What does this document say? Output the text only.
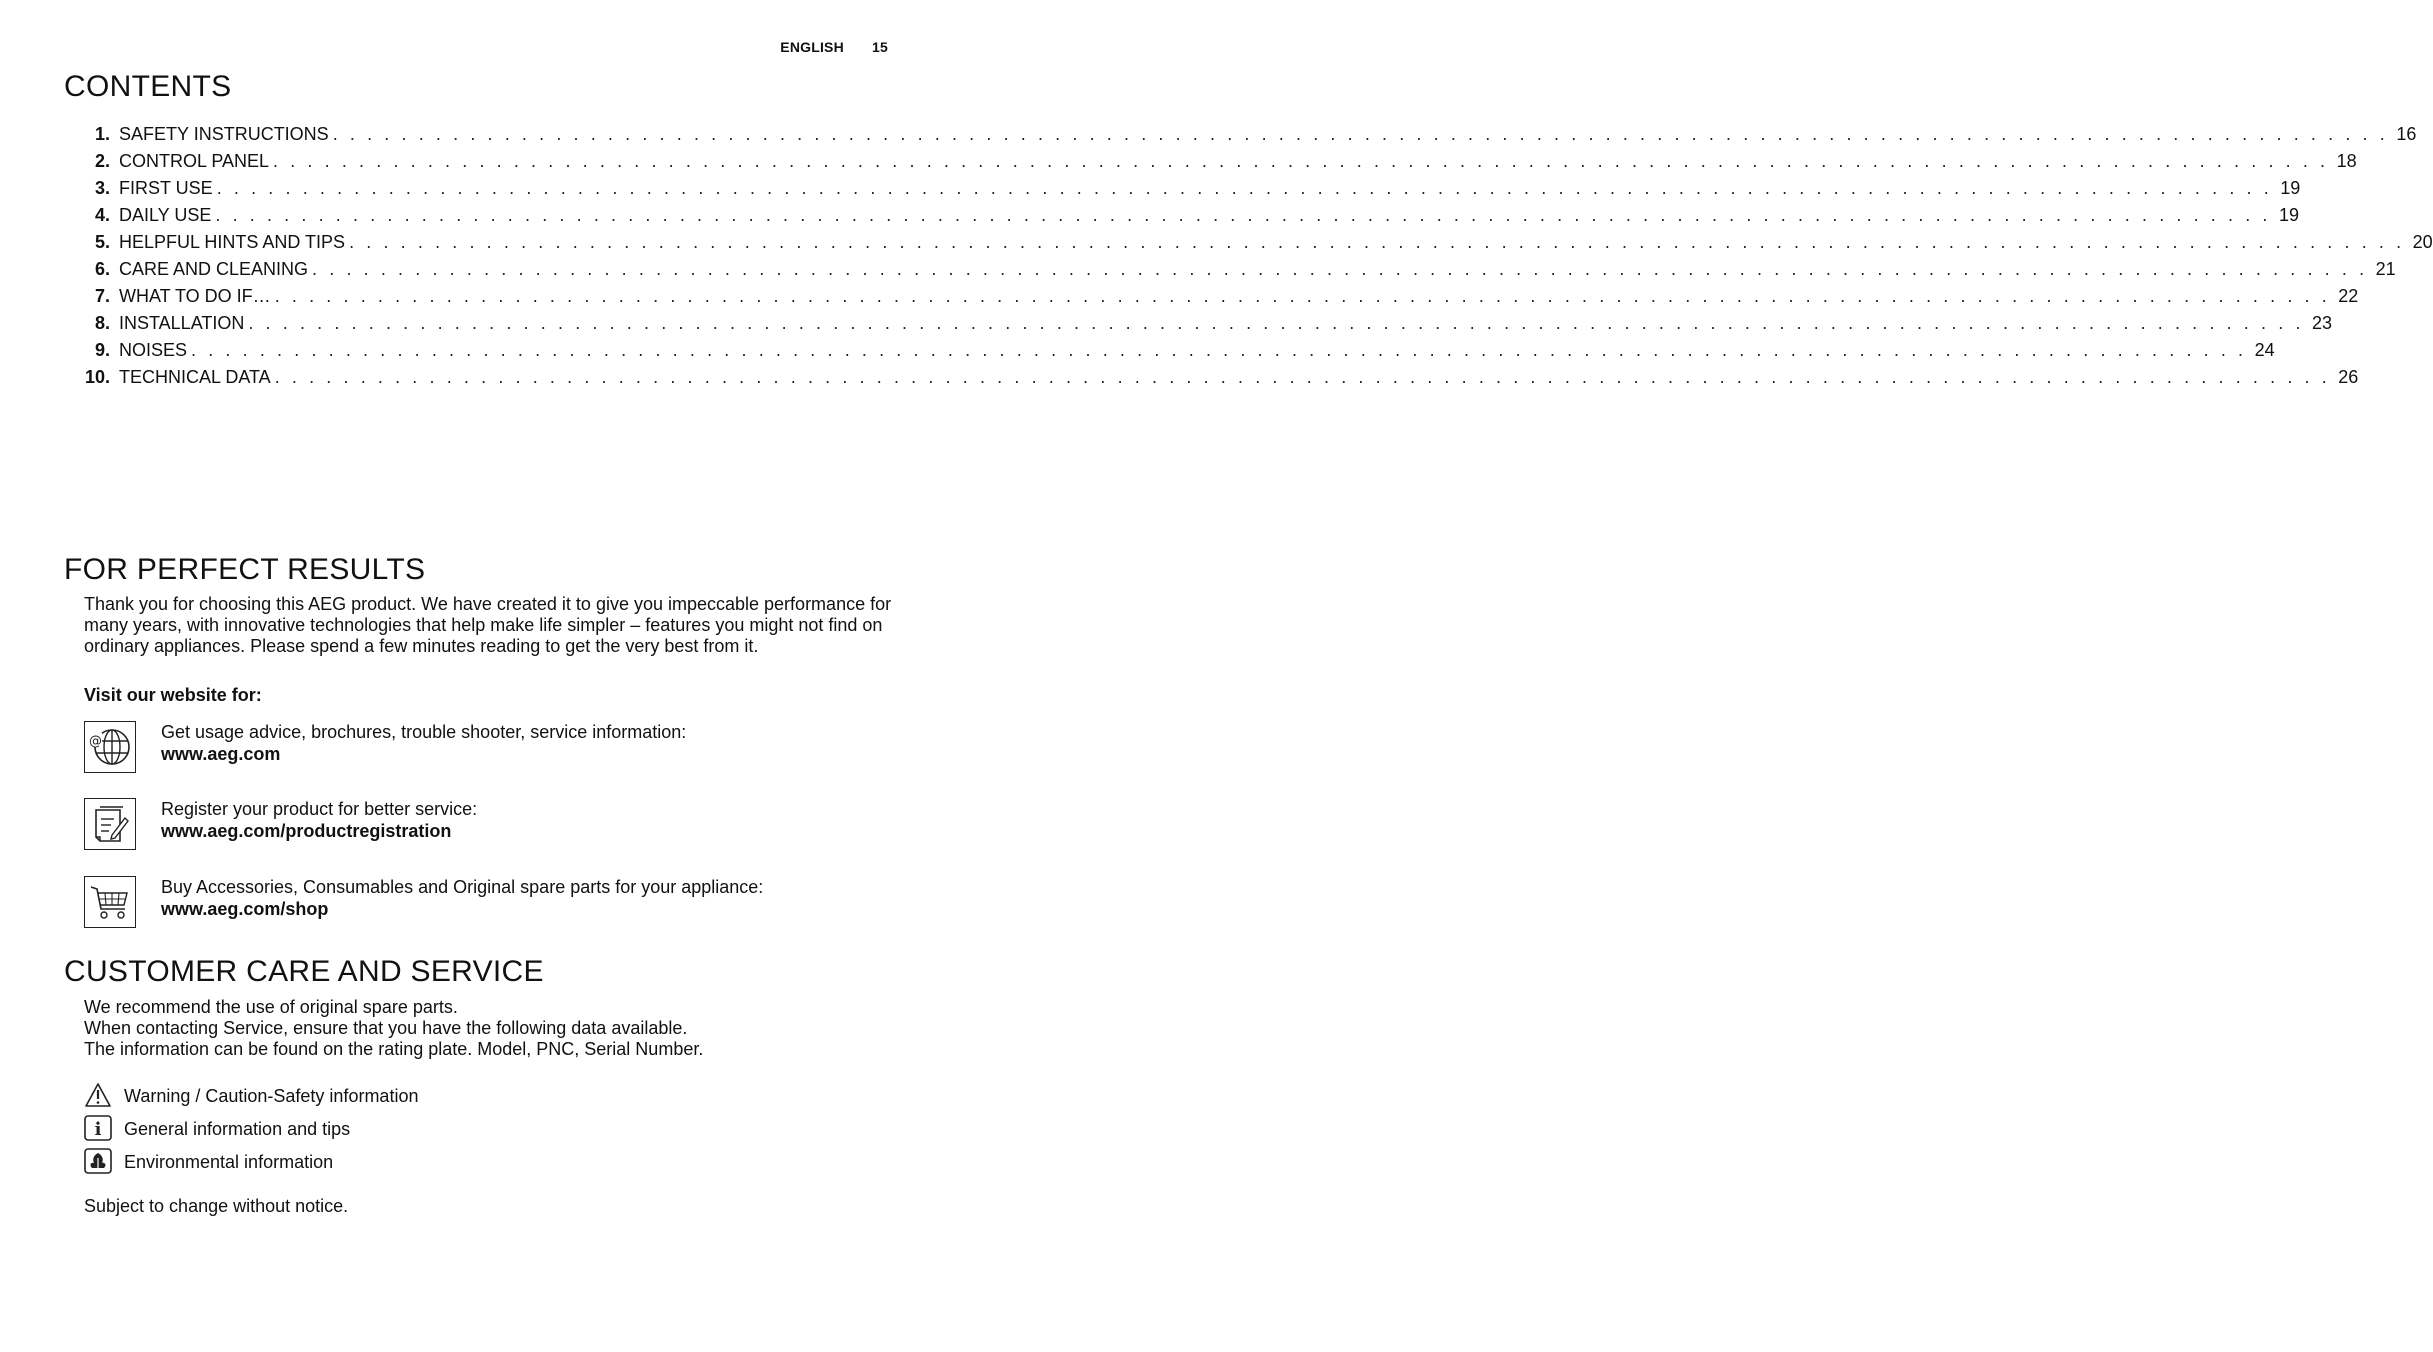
ENGLISH 15
CONTENTS
1. SAFETY INSTRUCTIONS . . . . . . . . . . . . . . . . . . . . . . . . . . . . . . . . . . . . . . . . . . . . . . . . . . . . . . . . . . . . . . . . . . . . . . . . . . . . . . . . . . . . . . . . . . . . . . . . . . . . . . . . . . . . . . . . . . . . . . . . 16
2. CONTROL PANEL . . . . . . . . . . . . . . . . . . . . . . . . . . . . . . . . . . . . . . . . . . . . . . . . . . . . . . . . . . . . . . . . . . . . . . . . . . . . . . . . . . . . . . . . . . . . . . . . . . . . . . . . . . . . . . . . . . . . . . . . 18
3. FIRST USE . . . . . . . . . . . . . . . . . . . . . . . . . . . . . . . . . . . . . . . . . . . . . . . . . . . . . . . . . . . . . . . . . . . . . . . . . . . . . . . . . . . . . . . . . . . . . . . . . . . . . . . . . . . . . . . . . . . . . . . . 19
4. DAILY USE . . . . . . . . . . . . . . . . . . . . . . . . . . . . . . . . . . . . . . . . . . . . . . . . . . . . . . . . . . . . . . . . . . . . . . . . . . . . . . . . . . . . . . . . . . . . . . . . . . . . . . . . . . . . . . . . . . . . . . . . 19
5. HELPFUL HINTS AND TIPS . . . . . . . . . . . . . . . . . . . . . . . . . . . . . . . . . . . . . . . . . . . . . . . . . . . . . . . . . . . . . . . . . . . . . . . . . . . . . . . . . . . . . . . . . . . . . . . . . . . . . . . . . . . . . . . . . . . . . . . . 20
6. CARE AND CLEANING . . . . . . . . . . . . . . . . . . . . . . . . . . . . . . . . . . . . . . . . . . . . . . . . . . . . . . . . . . . . . . . . . . . . . . . . . . . . . . . . . . . . . . . . . . . . . . . . . . . . . . . . . . . . . . . . . . . . . . . . 21
7. WHAT TO DO IF… . . . . . . . . . . . . . . . . . . . . . . . . . . . . . . . . . . . . . . . . . . . . . . . . . . . . . . . . . . . . . . . . . . . . . . . . . . . . . . . . . . . . . . . . . . . . . . . . . . . . . . . . . . . . . . . . . . . . . . . . 22
8. INSTALLATION . . . . . . . . . . . . . . . . . . . . . . . . . . . . . . . . . . . . . . . . . . . . . . . . . . . . . . . . . . . . . . . . . . . . . . . . . . . . . . . . . . . . . . . . . . . . . . . . . . . . . . . . . . . . . . . . . . . . . . . . 23
9. NOISES . . . . . . . . . . . . . . . . . . . . . . . . . . . . . . . . . . . . . . . . . . . . . . . . . . . . . . . . . . . . . . . . . . . . . . . . . . . . . . . . . . . . . . . . . . . . . . . . . . . . . . . . . . . . . . . . . . . . . . . . 24
10. TECHNICAL DATA . . . . . . . . . . . . . . . . . . . . . . . . . . . . . . . . . . . . . . . . . . . . . . . . . . . . . . . . . . . . . . . . . . . . . . . . . . . . . . . . . . . . . . . . . . . . . . . . . . . . . . . . . . . . . . . . . . . . . . . . 26
FOR PERFECT RESULTS

Thank you for choosing this AEG product. We have created it to give you impeccable performance for many years, with innovative technologies that help make life simpler – features you might not find on ordinary appliances. Please spend a few minutes reading to get the very best from it.

Visit our website for:

@	Get usage advice, brochures, trouble shooter, service information:
www.aeg.com
Register your product for better service:
www.aeg.com/productregistration
Buy Accessories, Consumables and Original spare parts for your appliance:
www.aeg.com/shop
CUSTOMER CARE AND SERVICE
We recommend the use of original spare parts.
When contacting Service, ensure that you have the following data available.
The information can be found on the rating plate. Model, PNC, Serial Number.
Warning / Caution-Safety information
i General information and tips
Environmental information

Subject to change without notice.
